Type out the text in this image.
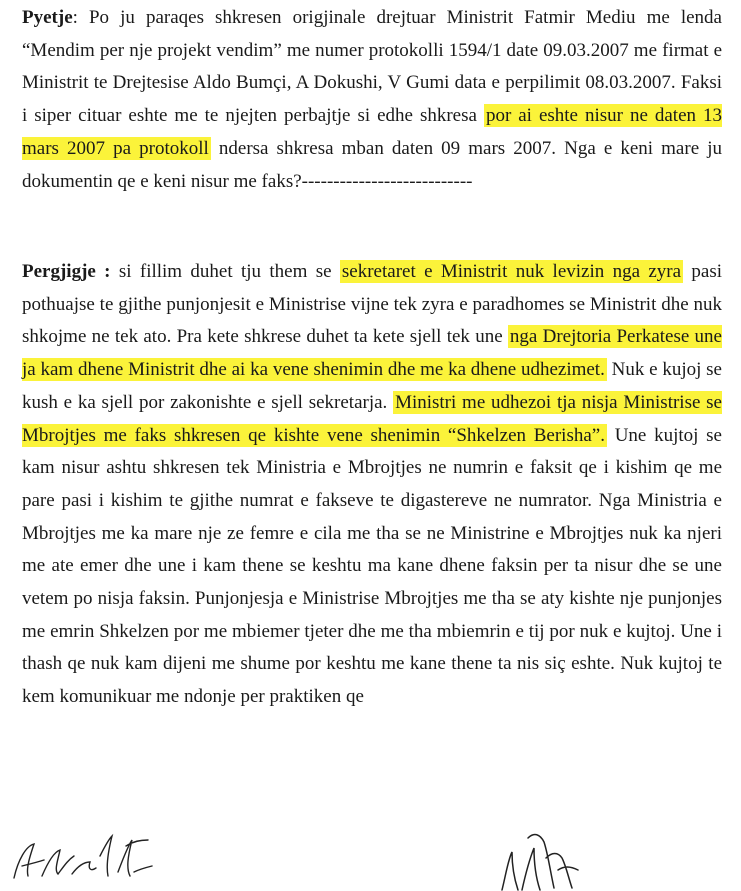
Pyetje: Po ju paraqes shkresen origjinale drejtuar Ministrit Fatmir Mediu me lenda “Mendim per nje projekt vendim” me numer protokolli 1594/1 date 09.03.2007 me firmat e Ministrit te Drejtesise Aldo Bumçi, A Dokushi, V Gumi data e perpilimit 08.03.2007. Faksi i siper cituar eshte me te njejten perbajtje si edhe shkresa por ai eshte nisur ne daten 13 mars 2007 pa protokoll ndersa shkresa mban daten 09 mars 2007. Nga e keni mare ju dokumentin qe e keni nisur me faks?---------------------------

Pergjigje : si fillim duhet tju them se sekretaret e Ministrit nuk levizin nga zyra pasi pothuajse te gjithe punjonjesit e Ministrise vijne tek zyra e paradhomes se Ministrit dhe nuk shkojme ne tek ato. Pra kete shkrese duhet ta kete sjell tek une nga Drejtoria Perkatese une ja kam dhene Ministrit dhe ai ka vene shenimin dhe me ka dhene udhezimet. Nuk e kujoj se kush e ka sjell por zakonishte e sjell sekretarja. Ministri me udhezoi tja nisja Ministrise se Mbrojtjes me faks shkresen qe kishte vene shenimin “Shkelzen Berisha”. Une kujtoj se kam nisur ashtu shkresen tek Ministria e Mbrojtjes ne numrin e faksit qe i kishim qe me pare pasi i kishim te gjithe numrat e fakseve te digastereve ne numrator. Nga Ministria e Mbrojtjes me ka mare nje ze femre e cila me tha se ne Ministrine e Mbrojtjes nuk ka njeri me ate emer dhe une i kam thene se keshtu ma kane dhene faksin per ta nisur dhe se une vetem po nisja faksin. Punjonjesja e Ministrise Mbrojtjes me tha se aty kishte nje punjonjes me emrin Shkelzen por me mbiemer tjeter dhe me tha mbiemrin e tij por nuk e kujtoj. Une i thash qe nuk kam dijeni me shume por keshtu me kane thene ta nis siç eshte. Nuk kujtoj te kem komunikuar me ndonje per praktiken qe
